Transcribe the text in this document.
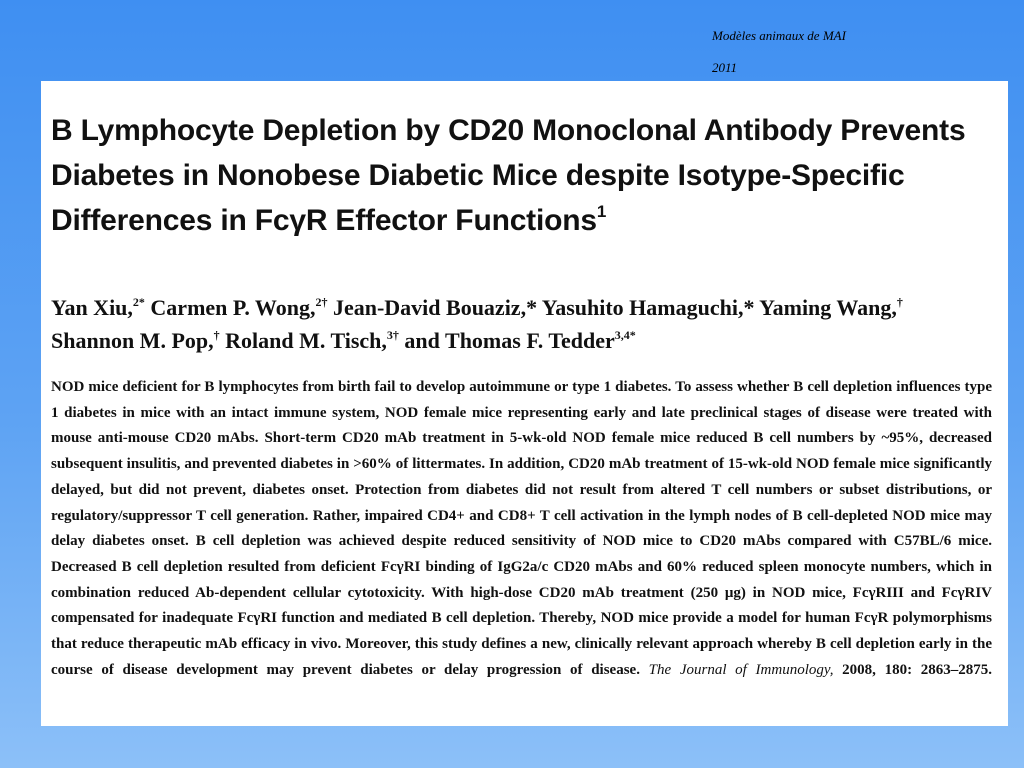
Modèles animaux de MAI
2011
B Lymphocyte Depletion by CD20 Monoclonal Antibody Prevents Diabetes in Nonobese Diabetic Mice despite Isotype-Specific Differences in FcγR Effector Functions$^1$
Yan Xiu,$^{2*}$ Carmen P. Wong,$^{2\dagger}$ Jean-David Bouaziz,* Yasuhito Hamaguchi,* Yaming Wang,†
Shannon M. Pop,† Roland M. Tisch,$^{3\dagger}$ and Thomas F. Tedder$^{3,4*}$
NOD mice deficient for B lymphocytes from birth fail to develop autoimmune or type 1 diabetes. To assess whether B cell depletion influences type 1 diabetes in mice with an intact immune system, NOD female mice representing early and late preclinical stages of disease were treated with mouse anti-mouse CD20 mAbs. Short-term CD20 mAb treatment in 5-wk-old NOD female mice reduced B cell numbers by ~95%, decreased subsequent insulitis, and prevented diabetes in >60% of littermates. In addition, CD20 mAb treatment of 15-wk-old NOD female mice significantly delayed, but did not prevent, diabetes onset. Protection from diabetes did not result from altered T cell numbers or subset distributions, or regulatory/suppressor T cell generation. Rather, impaired CD4+ and CD8+ T cell activation in the lymph nodes of B cell-depleted NOD mice may delay diabetes onset. B cell depletion was achieved despite reduced sensitivity of NOD mice to CD20 mAbs compared with C57BL/6 mice. Decreased B cell depletion resulted from deficient FcγRI binding of IgG2a/c CD20 mAbs and 60% reduced spleen monocyte numbers, which in combination reduced Ab-dependent cellular cytotoxicity. With high-dose CD20 mAb treatment (250 μg) in NOD mice, FcγRIII and FcγRIV compensated for inadequate FcγRI function and mediated B cell depletion. Thereby, NOD mice provide a model for human FcγR polymorphisms that reduce therapeutic mAb efficacy in vivo. Moreover, this study defines a new, clinically relevant approach whereby B cell depletion early in the course of disease development may prevent diabetes or delay progression of disease. The Journal of Immunology, 2008, 180: 2863–2875.
